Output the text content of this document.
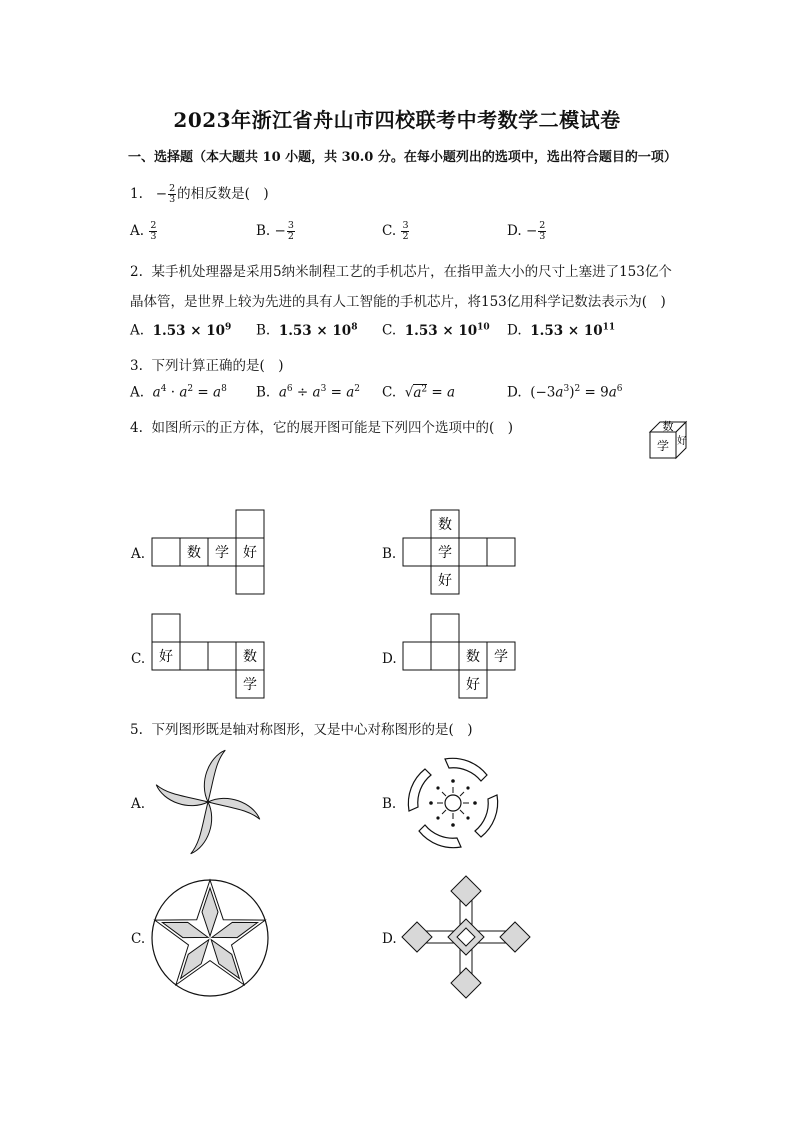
2023年浙江省舟山市四校联考中考数学二模试卷
一、选择题（本大题共 10 小题，共 30.0 分。在每小题列出的选项中，选出符合题目的一项）
1.   − $\frac{2}{3}$ 的相反数是(　)
A. $\frac{2}{3}$	B. − $\frac{3}{2}$	C. $\frac{3}{2}$	D. − $\frac{2}{3}$
2. 某手机处理器是采用5纳米制程工艺的手机芯片，在指甲盖大小的尺寸上塞进了153亿个
晶体管，是世界上较为先进的具有人工智能的手机芯片，将153亿用科学记数法表示为(　)
A. $1.53 \times 10^9$ B. $1.53 \times 10^8$ C. $1.53 \times 10^{10}$ D. $1.53 \times 10^{11}$
3. 下列计算正确的是(　)
A. $a^4 \cdot a^2 = a^8$ B. $a^6 \div a^3 = a^2$ C.  $√a^2 = a$	D.  $(-3a^3)^2 = 9a^6$
4. 如图所示的正方体，它的展开图可能是下列四个选项中的(　)	数
学 好
A.	数 学 好	B.
数
学
好
C. 好	数
学
D.	数 学
好
5. 下列图形既是轴对称图形，又是中心对称图形的是(　)
A.	B.
C.	D.
